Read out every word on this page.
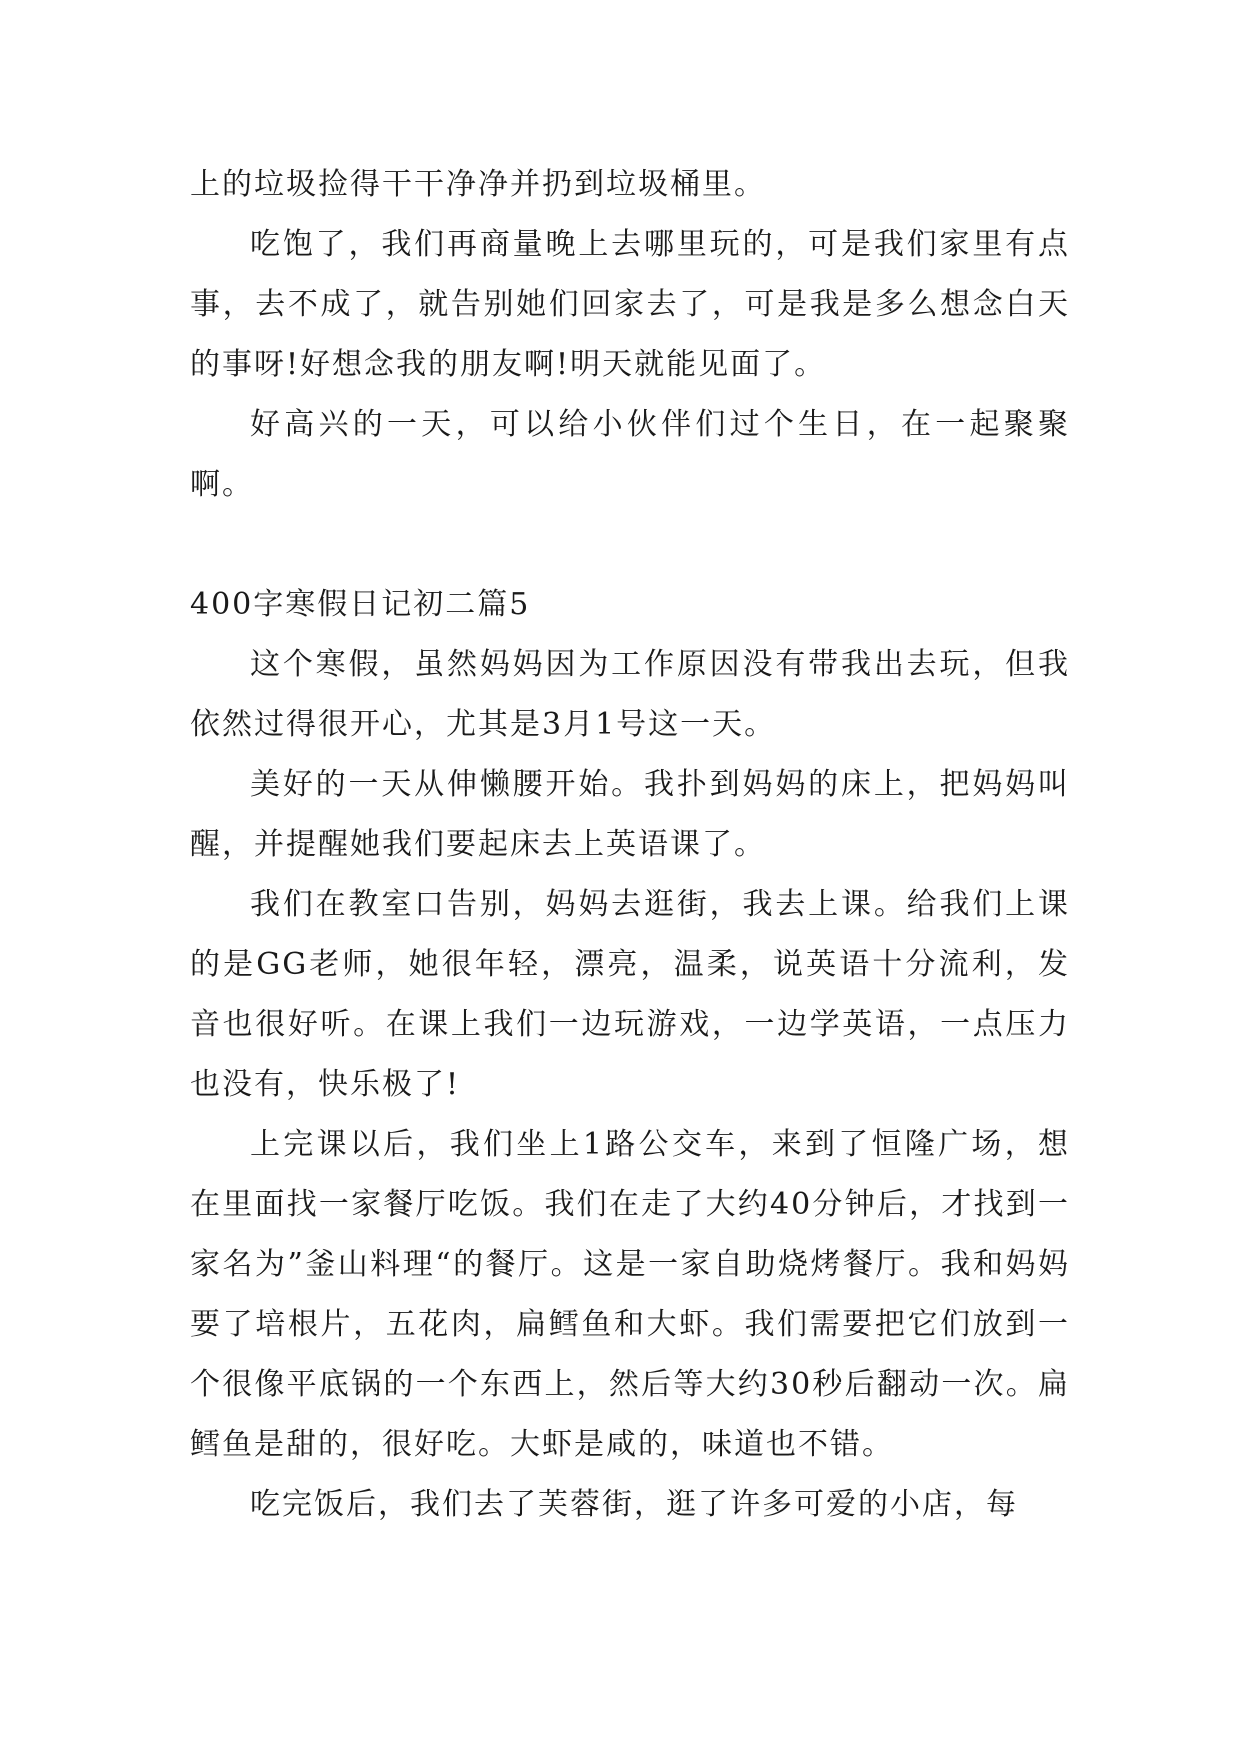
上的垃圾捡得干干净净并扔到垃圾桶里。

吃饱了，我们再商量晚上去哪里玩的，可是我们家里有点事，去不成了，就告别她们回家去了，可是我是多么想念白天的事呀!好想念我的朋友啊!明天就能见面了。

好高兴的一天，可以给小伙伴们过个生日，在一起聚聚啊。

400字寒假日记初二篇5

这个寒假，虽然妈妈因为工作原因没有带我出去玩，但我依然过得很开心，尤其是3月1号这一天。

美好的一天从伸懒腰开始。我扑到妈妈的床上，把妈妈叫醒，并提醒她我们要起床去上英语课了。

我们在教室口告别，妈妈去逛街，我去上课。给我们上课的是GG老师，她很年轻，漂亮，温柔，说英语十分流利，发音也很好听。在课上我们一边玩游戏，一边学英语，一点压力也没有，快乐极了!

上完课以后，我们坐上1路公交车，来到了恒隆广场，想在里面找一家餐厅吃饭。我们在走了大约40分钟后，才找到一家名为”釜山料理“的餐厅。这是一家自助烧烤餐厅。我和妈妈要了培根片，五花肉，扁鳕鱼和大虾。我们需要把它们放到一个很像平底锅的一个东西上，然后等大约30秒后翻动一次。扁鳕鱼是甜的，很好吃。大虾是咸的，味道也不错。

吃完饭后，我们去了芙蓉街，逛了许多可爱的小店，每
